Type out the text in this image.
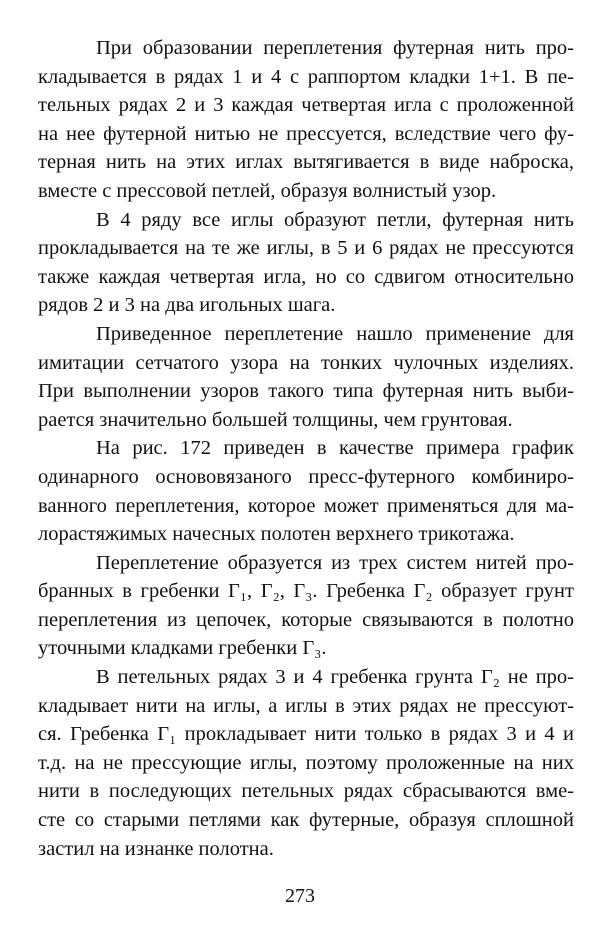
При образовании переплетения футерная нить про-
кладывается в рядах 1 и 4 с раппортом кладки 1+1. В пе-
тельных рядах 2 и 3 каждая четвертая игла с проложенной
на нее футерной нитью не прессуется, вследствие чего фу-
терная нить на этих иглах вытягивается в виде наброска,
вместе с прессовой петлей, образуя волнистый узор.
В 4 ряду все иглы образуют петли, футерная нить
прокладывается на те же иглы, в 5 и 6 рядах не прессуются
также каждая четвертая игла, но со сдвигом относительно
рядов 2 и 3 на два игольных шага.
Приведенное переплетение нашло применение для
имитации сетчатого узора на тонких чулочных изделиях.
При выполнении узоров такого типа футерная нить выби-
рается значительно большей толщины, чем грунтовая.
На рис. 172 приведен в качестве примера график
одинарного основовязаного пресс-футерного комбиниро-
ванного переплетения, которое может применяться для ма-
лорастяжимых начесных полотен верхнего трикотажа.
Переплетение образуется из трех систем нитей про-
бранных в гребенки Г₁, Г₂, Г₃. Гребенка Г₂ образует грунт
переплетения из цепочек, которые связываются в полотно
уточными кладками гребенки Г₃.
В петельных рядах 3 и 4 гребенка грунта Г₂ не про-
кладывает нити на иглы, а иглы в этих рядах не прессуют-
ся. Гребенка Г₁ прокладывает нити только в рядах 3 и 4 и
т.д. на не прессующие иглы, поэтому проложенные на них
нити в последующих петельных рядах сбрасываются вме-
сте со старыми петлями как футерные, образуя сплошной
застил на изнанке полотна.
273
